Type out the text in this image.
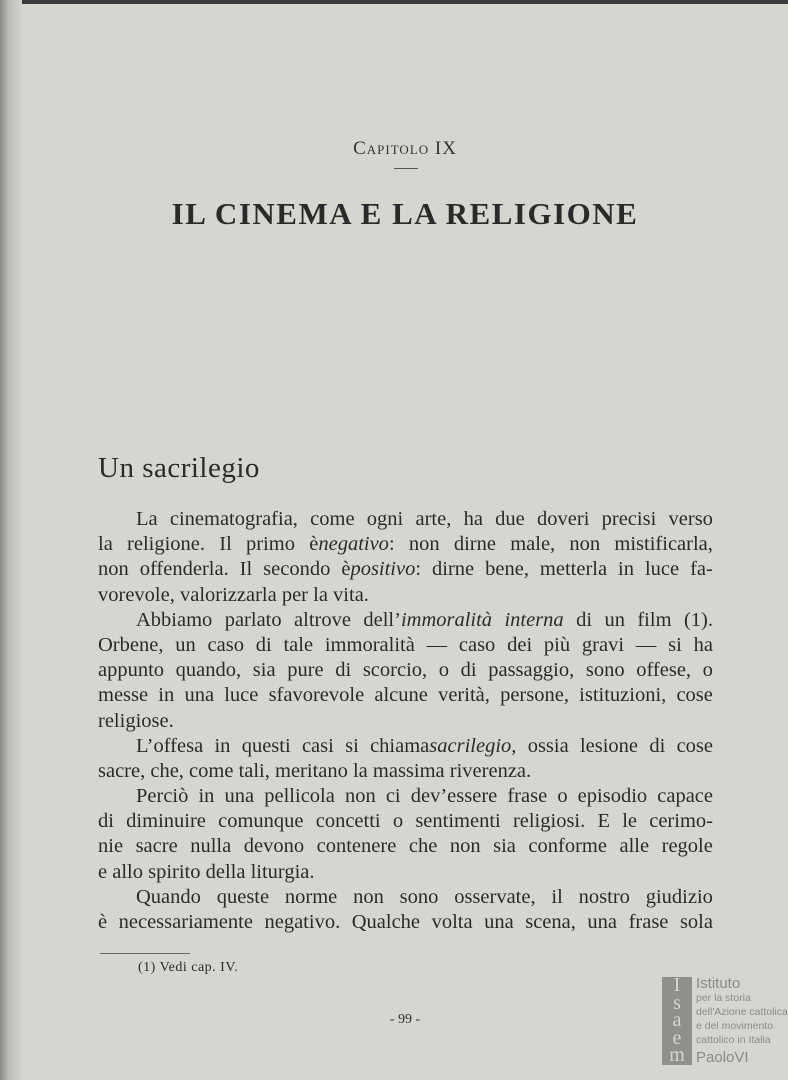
Capitolo IX
IL CINEMA E LA RELIGIONE
Un sacrilegio
La cinematografia, come ogni arte, ha due doveri precisi verso
la religione. Il primo ènegativo: non dirne male, non mistificarla,
non offenderla. Il secondo èpositivo: dirne bene, metterla in luce fa-
vorevole, valorizzarla per la vita.
Abbiamo parlato altrove dell’immoralità interna di un film (1).
Orbene, un caso di tale immoralità — caso dei più gravi — si ha
appunto quando, sia pure di scorcio, o di passaggio, sono offese, o
messe in una luce sfavorevole alcune verità, persone, istituzioni, cose
religiose.
L’offesa in questi casi si chiamasacrilegio, ossia lesione di cose
sacre, che, come tali, meritano la massima riverenza.
Perciò in una pellicola non ci dev’essere frase o episodio capace
di diminuire comunque concetti o sentimenti religiosi. E le cerimo-
nie sacre nulla devono contenere che non sia conforme alle regole
e allo spirito della liturgia.
Quando queste norme non sono osservate, il nostro giudizio
è necessariamente negativo. Qualche volta una scena, una frase sola
(1) Vedi cap. IV.
- 99 -
I
s
a
e
m
Istituto
per la storia
dell'Azione cattolica
e del movimento
cattolico in Italia
PaoloVI
